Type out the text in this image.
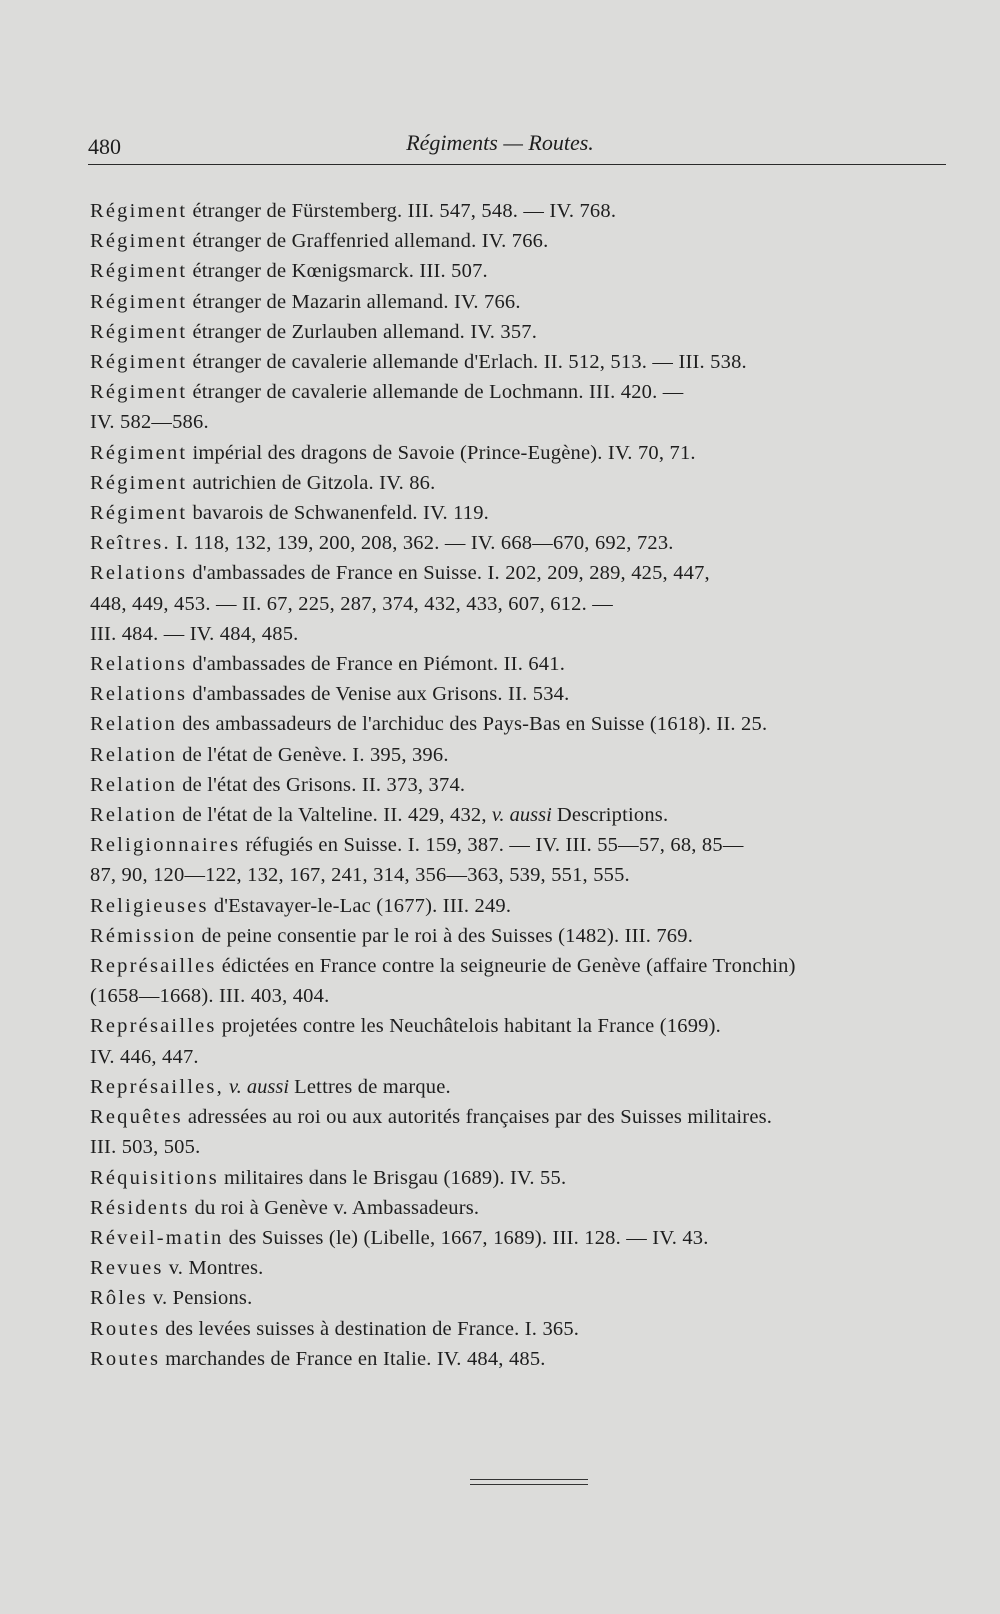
480	Régiments — Routes.

Régiment étranger de Fürstemberg. III. 547, 548. — IV. 768.

Régiment étranger de Graffenried allemand. IV. 766.

Régiment étranger de Kœnigsmarck. III. 507.

Régiment étranger de Mazarin allemand. IV. 766.

Régiment étranger de Zurlauben allemand. IV. 357.

Régiment étranger de cavalerie allemande d'Erlach. II. 512, 513. — III. 538.

Régiment étranger de cavalerie allemande de Lochmann. III. 420. —
IV. 582—586.

Régiment impérial des dragons de Savoie (Prince-Eugène). IV. 70, 71.

Régiment autrichien de Gitzola. IV. 86.

Régiment bavarois de Schwanenfeld. IV. 119.

Reîtres. I. 118, 132, 139, 200, 208, 362. — IV. 668—670, 692, 723.

Relations d'ambassades de France en Suisse. I. 202, 209, 289, 425, 447,
448, 449, 453. — II. 67, 225, 287, 374, 432, 433, 607, 612. —
III. 484. — IV. 484, 485.

Relations d'ambassades de France en Piémont. II. 641.

Relations d'ambassades de Venise aux Grisons. II. 534.

Relation des ambassadeurs de l'archiduc des Pays-Bas en Suisse (1618). II. 25.

Relation de l'état de Genève. I. 395, 396.

Relation de l'état des Grisons. II. 373, 374.

Relation de l'état de la Valteline. II. 429, 432, v. aussi Descriptions.

Religionnaires réfugiés en Suisse. I. 159, 387. — IV. III. 55—57, 68, 85—
87, 90, 120—122, 132, 167, 241, 314, 356—363, 539, 551, 555.

Religieuses d'Estavayer-le-Lac (1677). III. 249.

Rémission de peine consentie par le roi à des Suisses (1482). III. 769.

Représailles édictées en France contre la seigneurie de Genève (affaire Tronchin)
(1658—1668). III. 403, 404.

Représailles projetées contre les Neuchâtelois habitant la France (1699).
IV. 446, 447.

Représailles, v. aussi Lettres de marque.

Requêtes adressées au roi ou aux autorités françaises par des Suisses militaires.
III. 503, 505.

Réquisitions militaires dans le Brisgau (1689). IV. 55.

Résidents du roi à Genève v. Ambassadeurs.

Réveil-matin des Suisses (le) (Libelle, 1667, 1689). III. 128. — IV. 43.

Revues v. Montres.

Rôles v. Pensions.

Routes des levées suisses à destination de France. I. 365.

Routes marchandes de France en Italie. IV. 484, 485.
